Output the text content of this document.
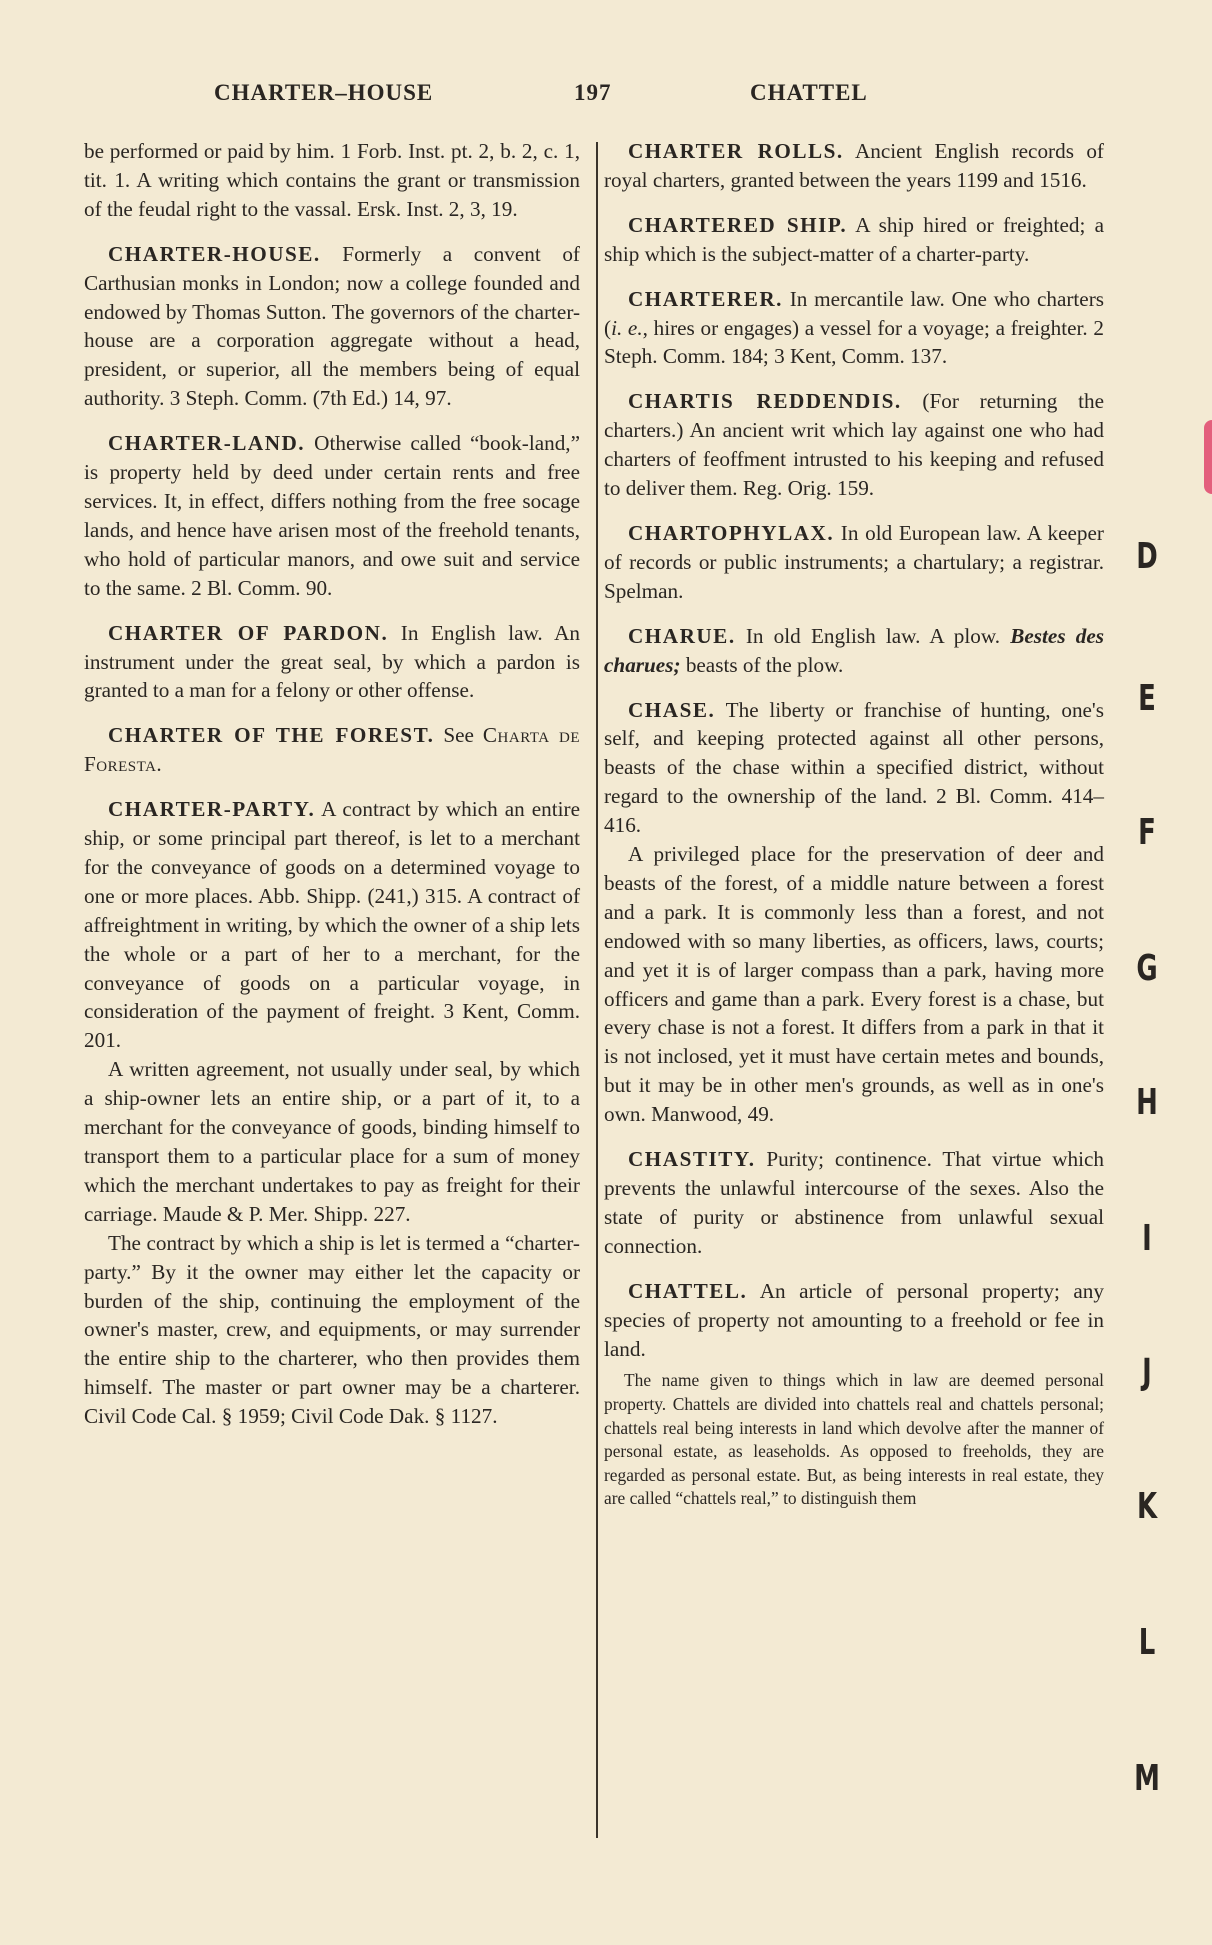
CHARTER–HOUSE	197	CHATTEL

be performed or paid by him. 1 Forb. Inst. pt. 2, b. 2, c. 1, tit. 1. A writing which contains the grant or transmission of the feudal right to the vassal. Ersk. Inst. 2, 3, 19.

CHARTER-HOUSE. Formerly a convent of Carthusian monks in London; now a college founded and endowed by Thomas Sutton. The governors of the charter-house are a corporation aggregate without a head, president, or superior, all the members being of equal authority. 3 Steph. Comm. (7th Ed.) 14, 97.

CHARTER-LAND. Otherwise called “book-land,” is property held by deed under certain rents and free services. It, in effect, differs nothing from the free socage lands, and hence have arisen most of the freehold tenants, who hold of particular manors, and owe suit and service to the same. 2 Bl. Comm. 90.

CHARTER OF PARDON. In English law. An instrument under the great seal, by which a pardon is granted to a man for a felony or other offense.

CHARTER OF THE FOREST. See Charta de Foresta.

CHARTER-PARTY. A contract by which an entire ship, or some principal part thereof, is let to a merchant for the conveyance of goods on a determined voyage to one or more places. Abb. Shipp. (241,) 315. A contract of affreightment in writing, by which the owner of a ship lets the whole or a part of her to a merchant, for the conveyance of goods on a particular voyage, in consideration of the payment of freight. 3 Kent, Comm. 201.

A written agreement, not usually under seal, by which a ship-owner lets an entire ship, or a part of it, to a merchant for the conveyance of goods, binding himself to transport them to a particular place for a sum of money which the merchant undertakes to pay as freight for their carriage. Maude & P. Mer. Shipp. 227.

The contract by which a ship is let is termed a “charter-party.” By it the owner may either let the capacity or burden of the ship, continuing the employment of the owner's master, crew, and equipments, or may surrender the entire ship to the charterer, who then provides them himself. The master or part owner may be a charterer. Civil Code Cal. § 1959; Civil Code Dak. § 1127.

CHARTER ROLLS. Ancient English records of royal charters, granted between the years 1199 and 1516.

CHARTERED SHIP. A ship hired or freighted; a ship which is the subject-matter of a charter-party.

CHARTERER. In mercantile law. One who charters (i. e., hires or engages) a vessel for a voyage; a freighter. 2 Steph. Comm. 184; 3 Kent, Comm. 137.

CHARTIS REDDENDIS. (For returning the charters.) An ancient writ which lay against one who had charters of feoffment intrusted to his keeping and refused to deliver them. Reg. Orig. 159.

CHARTOPHYLAX. In old European law. A keeper of records or public instruments; a chartulary; a registrar. Spelman.

CHARUE. In old English law. A plow. Bestes des charues; beasts of the plow.

CHASE. The liberty or franchise of hunting, one's self, and keeping protected against all other persons, beasts of the chase within a specified district, without regard to the ownership of the land. 2 Bl. Comm. 414–416.

A privileged place for the preservation of deer and beasts of the forest, of a middle nature between a forest and a park. It is commonly less than a forest, and not endowed with so many liberties, as officers, laws, courts; and yet it is of larger compass than a park, having more officers and game than a park. Every forest is a chase, but every chase is not a forest. It differs from a park in that it is not inclosed, yet it must have certain metes and bounds, but it may be in other men's grounds, as well as in one's own. Manwood, 49.

CHASTITY. Purity; continence. That virtue which prevents the unlawful intercourse of the sexes. Also the state of purity or abstinence from unlawful sexual connection.

CHATTEL. An article of personal property; any species of property not amounting to a freehold or fee in land.

The name given to things which in law are deemed personal property. Chattels are divided into chattels real and chattels personal; chattels real being interests in land which devolve after the manner of personal estate, as leaseholds. As opposed to freeholds, they are regarded as personal estate. But, as being interests in real estate, they are called “chattels real,” to distinguish them

D
E
F
G
H
I
J
K
L
M
